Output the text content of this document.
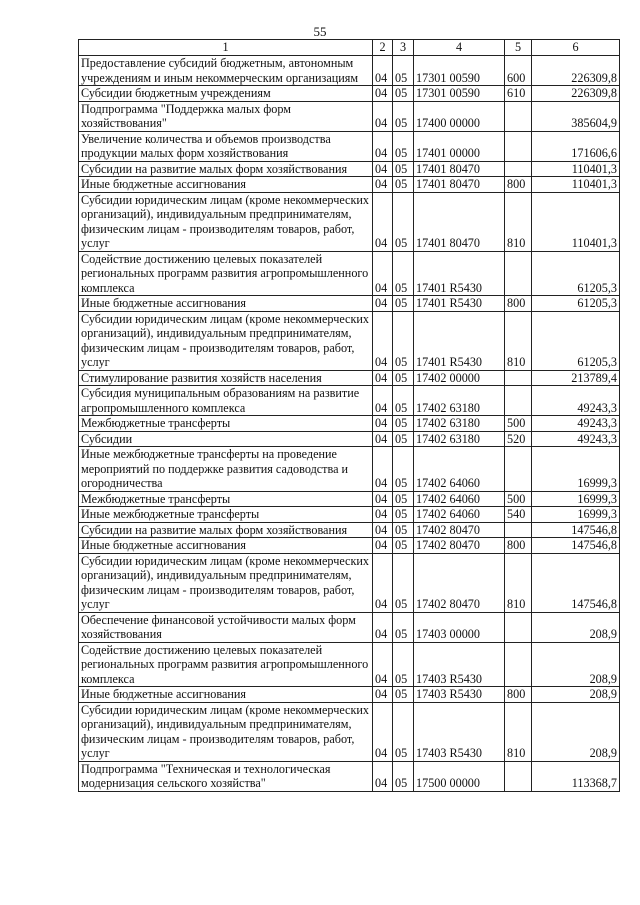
55
1	2	3	4	5	6
Предоставление субсидий бюджетным, автономным учреждениям и иным некоммерческим организациям	04	05	17301 00590	600	226309,8
Субсидии бюджетным учреждениям	04	05	17301 00590	610	226309,8
Подпрограмма "Поддержка малых форм хозяйствования"	04	05	17400 00000		385604,9
Увеличение количества и объемов производства продукции малых форм хозяйствования	04	05	17401 00000		171606,6
Субсидии на развитие малых форм хозяйствования	04	05	17401 80470		110401,3
Иные бюджетные ассигнования	04	05	17401 80470	800	110401,3
Субсидии юридическим лицам (кроме некоммерческих организаций), индивидуальным предпринимателям, физическим лицам - производителям товаров, работ, услуг	04	05	17401 80470	810	110401,3
Содействие достижению целевых показателей региональных программ развития агропромышленного комплекса	04	05	17401 R5430		61205,3
Иные бюджетные ассигнования	04	05	17401 R5430	800	61205,3
Субсидии юридическим лицам (кроме некоммерческих организаций), индивидуальным предпринимателям, физическим лицам - производителям товаров, работ, услуг	04	05	17401 R5430	810	61205,3
Стимулирование развития хозяйств населения	04	05	17402 00000		213789,4
Субсидия муниципальным образованиям на развитие агропромышленного комплекса	04	05	17402 63180		49243,3
Межбюджетные трансферты	04	05	17402 63180	500	49243,3
Субсидии	04	05	17402 63180	520	49243,3
Иные межбюджетные трансферты на проведение мероприятий по поддержке развития садоводства и огородничества	04	05	17402 64060		16999,3
Межбюджетные трансферты	04	05	17402 64060	500	16999,3
Иные межбюджетные трансферты	04	05	17402 64060	540	16999,3
Субсидии на развитие малых форм хозяйствования	04	05	17402 80470		147546,8
Иные бюджетные ассигнования	04	05	17402 80470	800	147546,8
Субсидии юридическим лицам (кроме некоммерческих организаций), индивидуальным предпринимателям, физическим лицам - производителям товаров, работ, услуг	04	05	17402 80470	810	147546,8
Обеспечение финансовой устойчивости малых форм хозяйствования	04	05	17403 00000		208,9
Содействие достижению целевых показателей региональных программ развития агропромышленного комплекса	04	05	17403 R5430		208,9
Иные бюджетные ассигнования	04	05	17403 R5430	800	208,9
Субсидии юридическим лицам (кроме некоммерческих организаций), индивидуальным предпринимателям, физическим лицам - производителям товаров, работ, услуг	04	05	17403 R5430	810	208,9
Подпрограмма "Техническая и технологическая модернизация сельского хозяйства"	04	05	17500 00000		113368,7
